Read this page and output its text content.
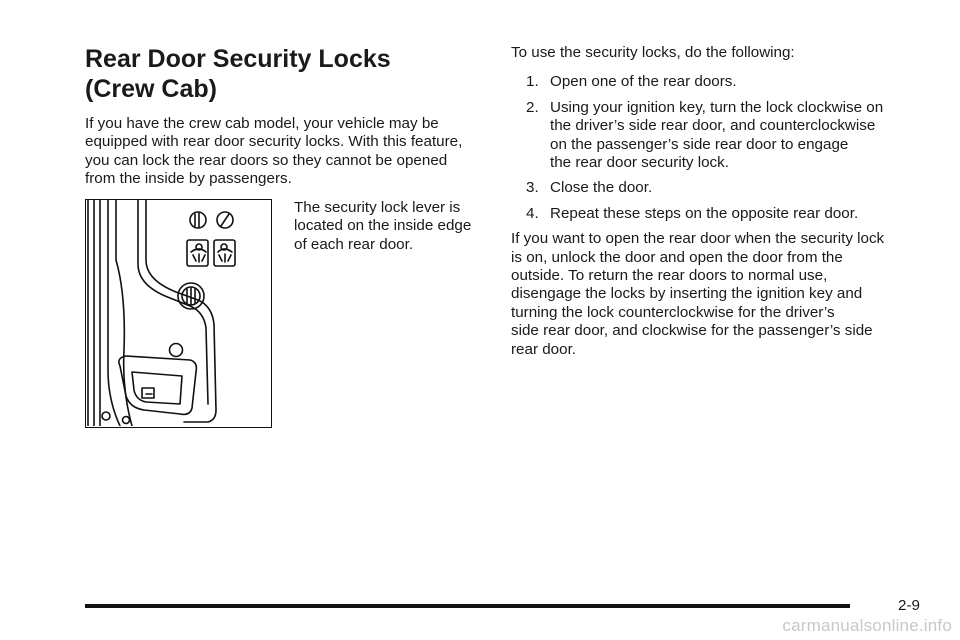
Rear Door Security Locks
(Crew Cab)
If you have the crew cab model, your vehicle may be
equipped with rear door security locks. With this feature,
you can lock the rear doors so they cannot be opened
from the inside by passengers.
The security lock lever is
located on the inside edge
of each rear door.
To use the security locks, do the following:
1. Open one of the rear doors.
2. Using your ignition key, turn the lock clockwise on
the driver’s side rear door, and counterclockwise
on the passenger’s side rear door to engage
the rear door security lock.
3. Close the door.
4. Repeat these steps on the opposite rear door.
If you want to open the rear door when the security lock
is on, unlock the door and open the door from the
outside. To return the rear doors to normal use,
disengage the locks by inserting the ignition key and
turning the lock counterclockwise for the driver’s
side rear door, and clockwise for the passenger’s side
rear door.
2-9
carmanualsonline.info
